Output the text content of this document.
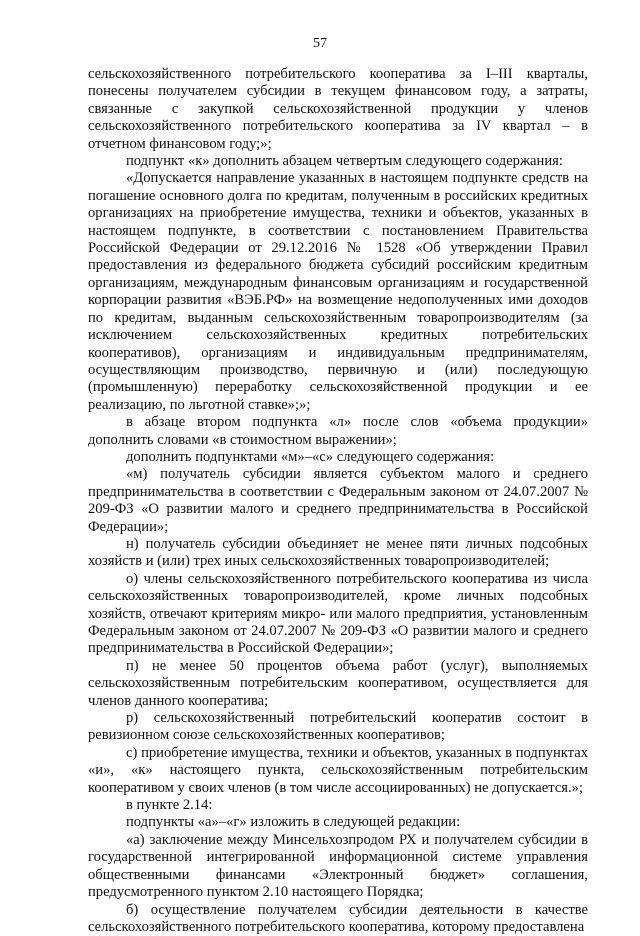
57

сельскохозяйственного потребительского кооператива за I–III кварталы, понесены получателем субсидии в текущем финансовом году, а затраты, связанные с закупкой сельскохозяйственной продукции у членов сельскохозяйственного потребительского кооператива за IV квартал – в отчетном финансовом году;»;

подпункт «к» дополнить абзацем четвертым следующего содержания:

«Допускается направление указанных в настоящем подпункте средств на погашение основного долга по кредитам, полученным в российских кредитных организациях на приобретение имущества, техники и объектов, указанных в настоящем подпункте, в соответствии с постановлением Правительства Российской Федерации от 29.12.2016 № 1528 «Об утверждении Правил предоставления из федерального бюджета субсидий российским кредитным организациям, международным финансовым организациям и государственной корпорации развития «ВЭБ.РФ» на возмещение недополученных ими доходов по кредитам, выданным сельскохозяйственным товаропроизводителям (за исключением сельскохозяйственных кредитных потребительских кооперативов), организациям и индивидуальным предпринимателям, осуществляющим производство, первичную и (или) последующую (промышленную) переработку сельскохозяйственной продукции и ее реализацию, по льготной ставке»;»;

в абзаце втором подпункта «л» после слов «объема продукции» дополнить словами «в стоимостном выражении»;

дополнить подпунктами «м»–«с» следующего содержания:

«м) получатель субсидии является субъектом малого и среднего предпринимательства в соответствии с Федеральным законом от 24.07.2007 № 209-ФЗ «О развитии малого и среднего предпринимательства в Российской Федерации»;

н) получатель субсидии объединяет не менее пяти личных подсобных хозяйств и (или) трех иных сельскохозяйственных товаропроизводителей;

о) члены сельскохозяйственного потребительского кооператива из числа сельскохозяйственных товаропроизводителей, кроме личных подсобных хозяйств, отвечают критериям микро- или малого предприятия, установленным Федеральным законом от 24.07.2007 № 209-ФЗ «О развитии малого и среднего предпринимательства в Российской Федерации»;

п) не менее 50 процентов объема работ (услуг), выполняемых сельскохозяйственным потребительским кооперативом, осуществляется для членов данного кооператива;

р) сельскохозяйственный потребительский кооператив состоит в ревизионном союзе сельскохозяйственных кооперативов;

с) приобретение имущества, техники и объектов, указанных в подпунктах «и», «к» настоящего пункта, сельскохозяйственным потребительским кооперативом у своих членов (в том числе ассоциированных) не допускается.»;

в пункте 2.14:

подпункты «а»–«г» изложить в следующей редакции:

«а) заключение между Минсельхозпродом РХ и получателем субсидии в государственной интегрированной информационной системе управления общественными финансами «Электронный бюджет» соглашения, предусмотренного пунктом 2.10 настоящего Порядка;

б) осуществление получателем субсидии деятельности в качестве сельскохозяйственного потребительского кооператива, которому предоставлена
